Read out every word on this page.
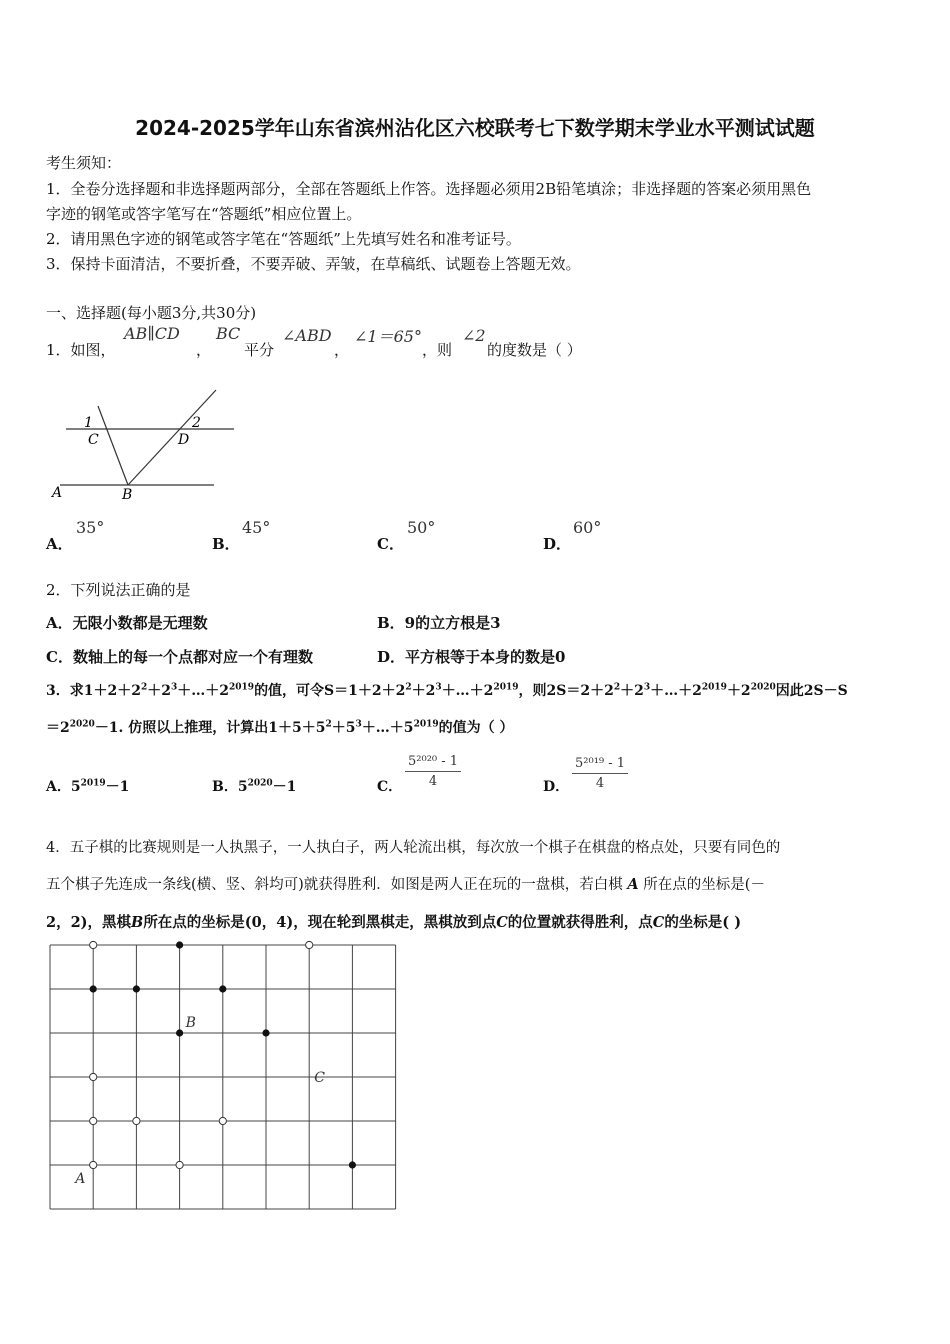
2024-2025学年山东省滨州沾化区六校联考七下数学期末学业水平测试试题
考生须知：
1．全卷分选择题和非选择题两部分，全部在答题纸上作答。选择题必须用2B铅笔填涂；非选择题的答案必须用黑色
字迹的钢笔或答字笔写在“答题纸”相应位置上。
2．请用黑色字迹的钢笔或答字笔在“答题纸”上先填写姓名和准考证号。
3．保持卡面清洁，不要折叠，不要弄破、弄皱，在草稿纸、试题卷上答题无效。
一、选择题(每小题3分,共30分)
1．如图，
AB∥CD
，
BC
平分
∠ABD
，
∠1＝65°
，则
∠2
的度数是（ ）
1	2
C	D
A	B
A．
35°
B．
45°
C．
50°
D．
60°
2．下列说法正确的是
A．无限小数都是无理数	B．9的立方根是3
C．数轴上的每一个点都对应一个有理数	D．平方根等于本身的数是0
3．求$1+2+2^2+2^3+\dots+2^{2019}$的值，可令$S=1+2+2^2+2^3+\dots+2^{2019}$，则$2S=2+2^2+2^3+\dots+2^{2019}+2^{2020}$因此2S－S
$=2^{2020}-1$. 仿照以上推理，计算出$1+5+5^2+5^3+\dots+5^{2019}$的值为（ ）
A．$5^{2019}-1$	B．$5^{2020}-1$	C． $\frac{\text{5²⁰²⁰ - 1}}{4}$	D． $\frac{\text{5²⁰¹⁹ - 1}}{4}$
4．五子棋的比赛规则是一人执黑子，一人执白子，两人轮流出棋，每次放一个棋子在棋盘的格点处，只要有同色的
五个棋子先连成一条线(横、竖、斜均可)就获得胜利．如图是两人正在玩的一盘棋，若白棋 A 所在点的坐标是(－
2，2)，黑棋B所在点的坐标是(0，4)，现在轮到黑棋走，黑棋放到点C的位置就获得胜利，点C的坐标是( )
A
B
C
